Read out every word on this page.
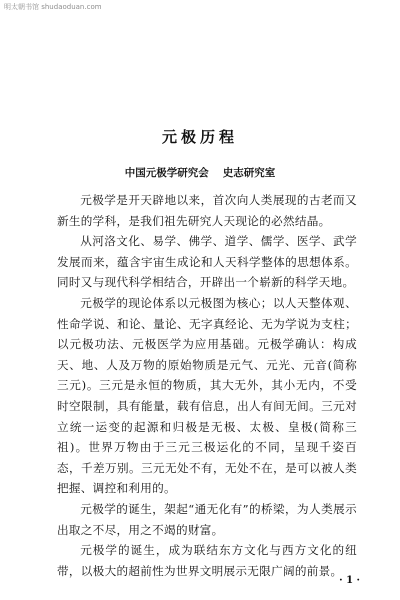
明太朝书馆 shudaoduan.com
元极历程
中国元极学研究会 史志研究室

元极学是开天辟地以来，首次向人类展现的古老而又新生的学科，是我们祖先研究人天现论的必然结晶。

从河洛文化、易学、佛学、道学、儒学、医学、武学发展而来，蕴含宇宙生成论和人天科学整体的思想体系。同时又与现代科学相结合，开辟出一个崭新的科学天地。

元极学的现论体系以元极图为核心；以人天整体观、性命学说、和论、量论、无字真经论、无为学说为支柱；以元极功法、元极医学为应用基础。元极学确认：构成天、地、人及万物的原始物质是元气、元光、元音(简称三元)。三元是永恒的物质，其大无外，其小无内，不受时空限制，具有能量，载有信息，出人有间无间。三元对立统一运变的起源和归极是无极、太极、皇极(简称三祖)。世界万物由于三元三极运化的不同，呈现千姿百态，千差万别。三元无处不有，无处不在，是可以被人类把握、调控和利用的。

元极学的诞生，架起“通无化有”的桥梁，为人类展示出取之不尽，用之不竭的财富。

元极学的诞生，成为联结东方文化与西方文化的纽带，以极大的超前性为世界文明展示无限广阔的前景。

· 1 ·
